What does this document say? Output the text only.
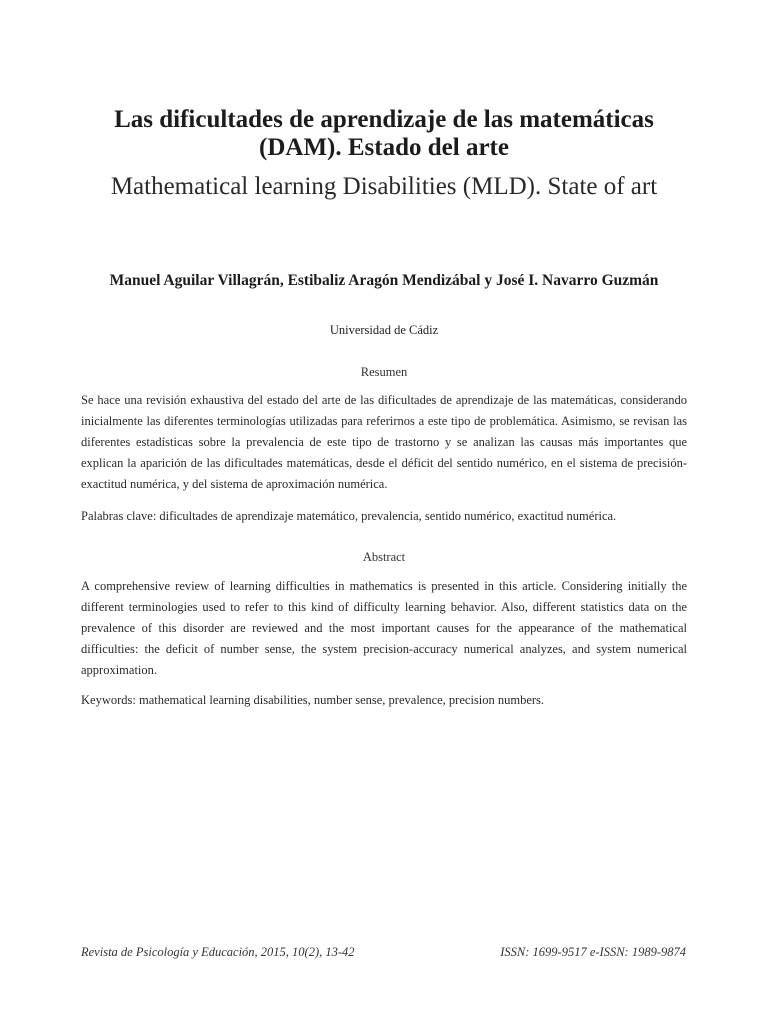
Las dificultades de aprendizaje de las matemáticas (DAM). Estado del arte
Mathematical learning Disabilities (MLD). State of art

Manuel Aguilar Villagrán, Estibaliz Aragón Mendizábal y José I. Navarro Guzmán

Universidad de Cádiz

Resumen

Se hace una revisión exhaustiva del estado del arte de las dificultades de aprendizaje de las matemáticas, considerando inicialmente las diferentes terminologías utilizadas para referirnos a este tipo de problemática. Asimismo, se revisan las diferentes estadísticas sobre la prevalencia de este tipo de trastorno y se analizan las causas más importantes que explican la aparición de las dificultades matemáticas, desde el déficit del sentido numérico, en el sistema de precisión-exactitud numérica, y del sistema de aproximación numérica.

Palabras clave: dificultades de aprendizaje matemático, prevalencia, sentido numérico, exactitud numérica.

Abstract

A comprehensive review of learning difficulties in mathematics is presented in this article. Considering initially the different terminologies used to refer to this kind of difficulty learning behavior. Also, different statistics data on the prevalence of this disorder are reviewed and the most important causes for the appearance of the mathematical difficulties: the deficit of number sense, the system precision-accuracy numerical analyzes, and system numerical approximation.

Keywords: mathematical learning disabilities, number sense, prevalence, precision numbers.

Revista de Psicología y Educación, 2015, 10(2), 13-42	ISSN: 1699-9517 e-ISSN: 1989-9874
